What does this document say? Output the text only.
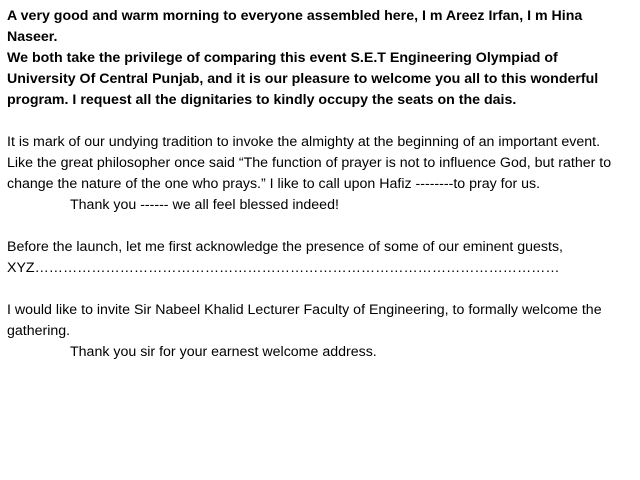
A very good and warm morning to everyone assembled here, I m Areez Irfan, I m Hina Naseer.

We both take the privilege of comparing this event S.E.T Engineering Olympiad of University Of Central Punjab, and it is our pleasure to welcome you all to this wonderful program. I request all the dignitaries to kindly occupy the seats on the dais.

It is mark of our undying tradition to invoke the almighty at the beginning of an important event. Like the great philosopher once said “The function of prayer is not to influence God, but rather to change the nature of the one who prays.” I like to call upon Hafiz --------to pray for us.

Thank you ------ we all feel blessed indeed!

Before the launch, let me first acknowledge the presence of some of our eminent guests, XYZ…………………………………………………………………………………………………

I would like to invite Sir Nabeel Khalid Lecturer Faculty of Engineering, to formally welcome the gathering.

Thank you sir for your earnest welcome address.
